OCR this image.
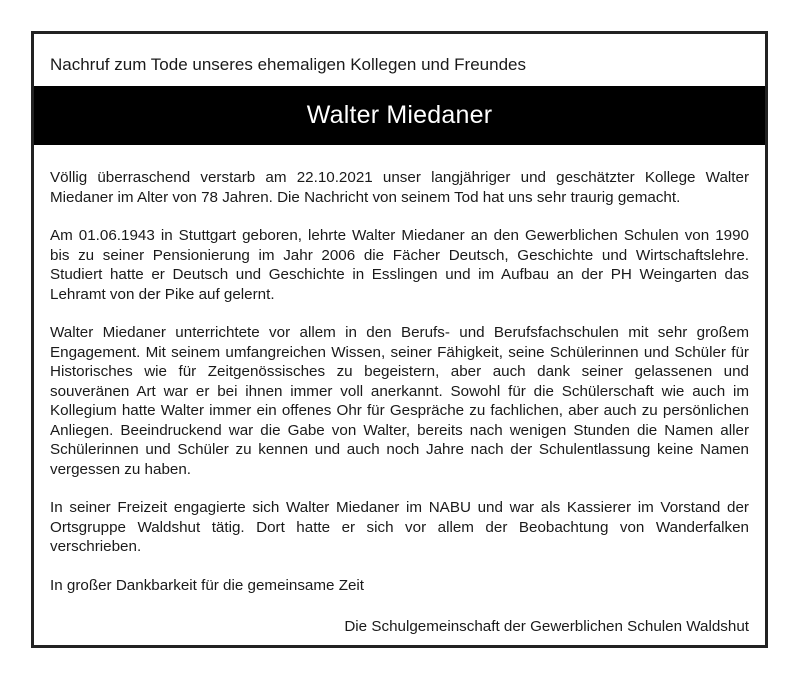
Nachruf zum Tode unseres ehemaligen Kollegen und Freundes
Walter Miedaner

Völlig überraschend verstarb am 22.10.2021 unser langjähriger und geschätzter Kollege Walter Miedaner im Alter von 78 Jahren. Die Nachricht von seinem Tod hat uns sehr traurig gemacht.

Am 01.06.1943 in Stuttgart geboren, lehrte Walter Miedaner an den Gewerblichen Schulen von 1990 bis zu seiner Pensionierung im Jahr 2006 die Fächer Deutsch, Geschichte und Wirtschaftslehre. Studiert hatte er Deutsch und Geschichte in Esslingen und im Aufbau an der PH Weingarten das Lehramt von der Pike auf gelernt.

Walter Miedaner unterrichtete vor allem in den Berufs- und Berufsfachschulen mit sehr großem Engagement. Mit seinem umfangreichen Wissen, seiner Fähigkeit, seine Schülerinnen und Schüler für Historisches wie für Zeitgenössisches zu begeistern, aber auch dank seiner gelassenen und souveränen Art war er bei ihnen immer voll anerkannt. Sowohl für die Schülerschaft wie auch im Kollegium hatte Walter immer ein offenes Ohr für Gespräche zu fachlichen, aber auch zu persönlichen Anliegen. Beeindruckend war die Gabe von Walter, bereits nach wenigen Stunden die Namen aller Schülerinnen und Schüler zu kennen und auch noch Jahre nach der Schulentlassung keine Namen vergessen zu haben.

In seiner Freizeit engagierte sich Walter Miedaner im NABU und war als Kassierer im Vorstand der Ortsgruppe Waldshut tätig. Dort hatte er sich vor allem der Beobachtung von Wanderfalken verschrieben.

In großer Dankbarkeit für die gemeinsame Zeit

Die Schulgemeinschaft der Gewerblichen Schulen Waldshut
